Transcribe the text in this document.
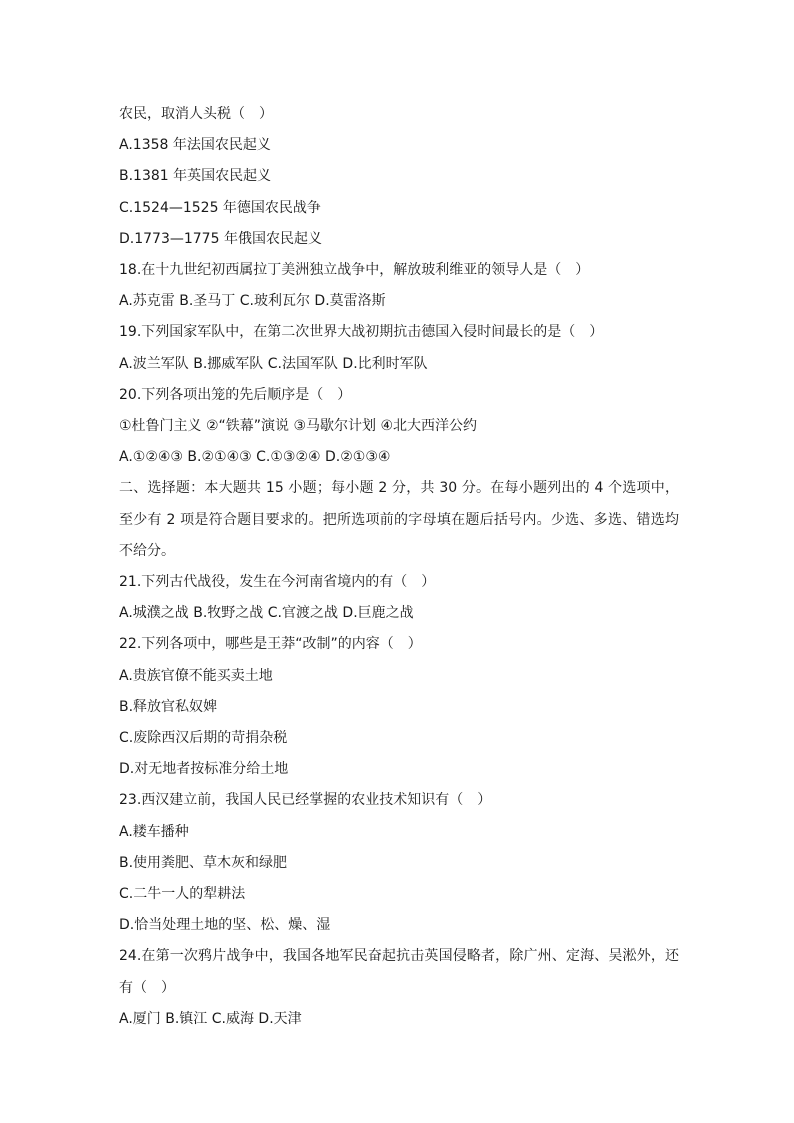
农民，取消人头税（　）
A.1358 年法国农民起义
B.1381 年英国农民起义
C.1524—1525 年德国农民战争
D.1773—1775 年俄国农民起义
18.在十九世纪初西属拉丁美洲独立战争中，解放玻利维亚的领导人是（　）
A.苏克雷 B.圣马丁 C.玻利瓦尔 D.莫雷洛斯
19.下列国家军队中，在第二次世界大战初期抗击德国入侵时间最长的是（　）
A.波兰军队 B.挪威军队 C.法国军队 D.比利时军队
20.下列各项出笼的先后顺序是（　）
①杜鲁门主义 ②“铁幕”演说 ③马歇尔计划 ④北大西洋公约
A.①②④③ B.②①④③ C.①③②④ D.②①③④
二、选择题：本大题共 15 小题；每小题 2 分，共 30 分。在每小题列出的 4 个选项中，至少有 2 项是符合题目要求的。把所选项前的字母填在题后括号内。少选、多选、错选均不给分。
21.下列古代战役，发生在今河南省境内的有（　）
A.城濮之战 B.牧野之战 C.官渡之战 D.巨鹿之战
22.下列各项中，哪些是王莽“改制”的内容（　）
A.贵族官僚不能买卖土地
B.释放官私奴婢
C.废除西汉后期的苛捐杂税
D.对无地者按标准分给土地
23.西汉建立前，我国人民已经掌握的农业技术知识有（　）
A.耧车播种
B.使用粪肥、草木灰和绿肥
C.二牛一人的犁耕法
D.恰当处理土地的坚、松、燥、湿
24.在第一次鸦片战争中，我国各地军民奋起抗击英国侵略者，除广州、定海、吴淞外，还有（　）
A.厦门 B.镇江 C.威海 D.天津
